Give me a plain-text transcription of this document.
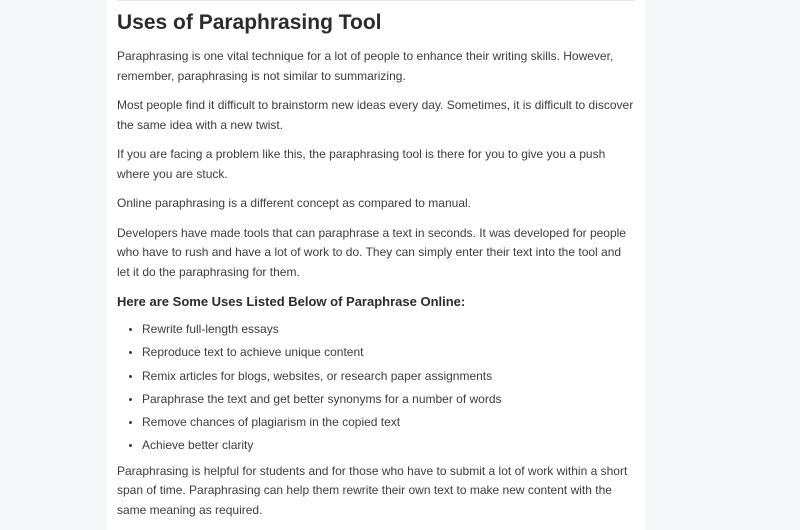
Uses of Paraphrasing Tool

Paraphrasing is one vital technique for a lot of people to enhance their writing skills. However, remember, paraphrasing is not similar to summarizing.

Most people find it difficult to brainstorm new ideas every day. Sometimes, it is difficult to discover the same idea with a new twist.

If you are facing a problem like this, the paraphrasing tool is there for you to give you a push where you are stuck.

Online paraphrasing is a different concept as compared to manual.

Developers have made tools that can paraphrase a text in seconds. It was developed for people who have to rush and have a lot of work to do. They can simply enter their text into the tool and let it do the paraphrasing for them.

Here are Some Uses Listed Below of Paraphrase Online:
• Rewrite full-length essays
• Reproduce text to achieve unique content
• Remix articles for blogs, websites, or research paper assignments
• Paraphrase the text and get better synonyms for a number of words
• Remove chances of plagiarism in the copied text
• Achieve better clarity

Paraphrasing is helpful for students and for those who have to submit a lot of work within a short span of time. Paraphrasing can help them rewrite their own text to make new content with the same meaning as required.
